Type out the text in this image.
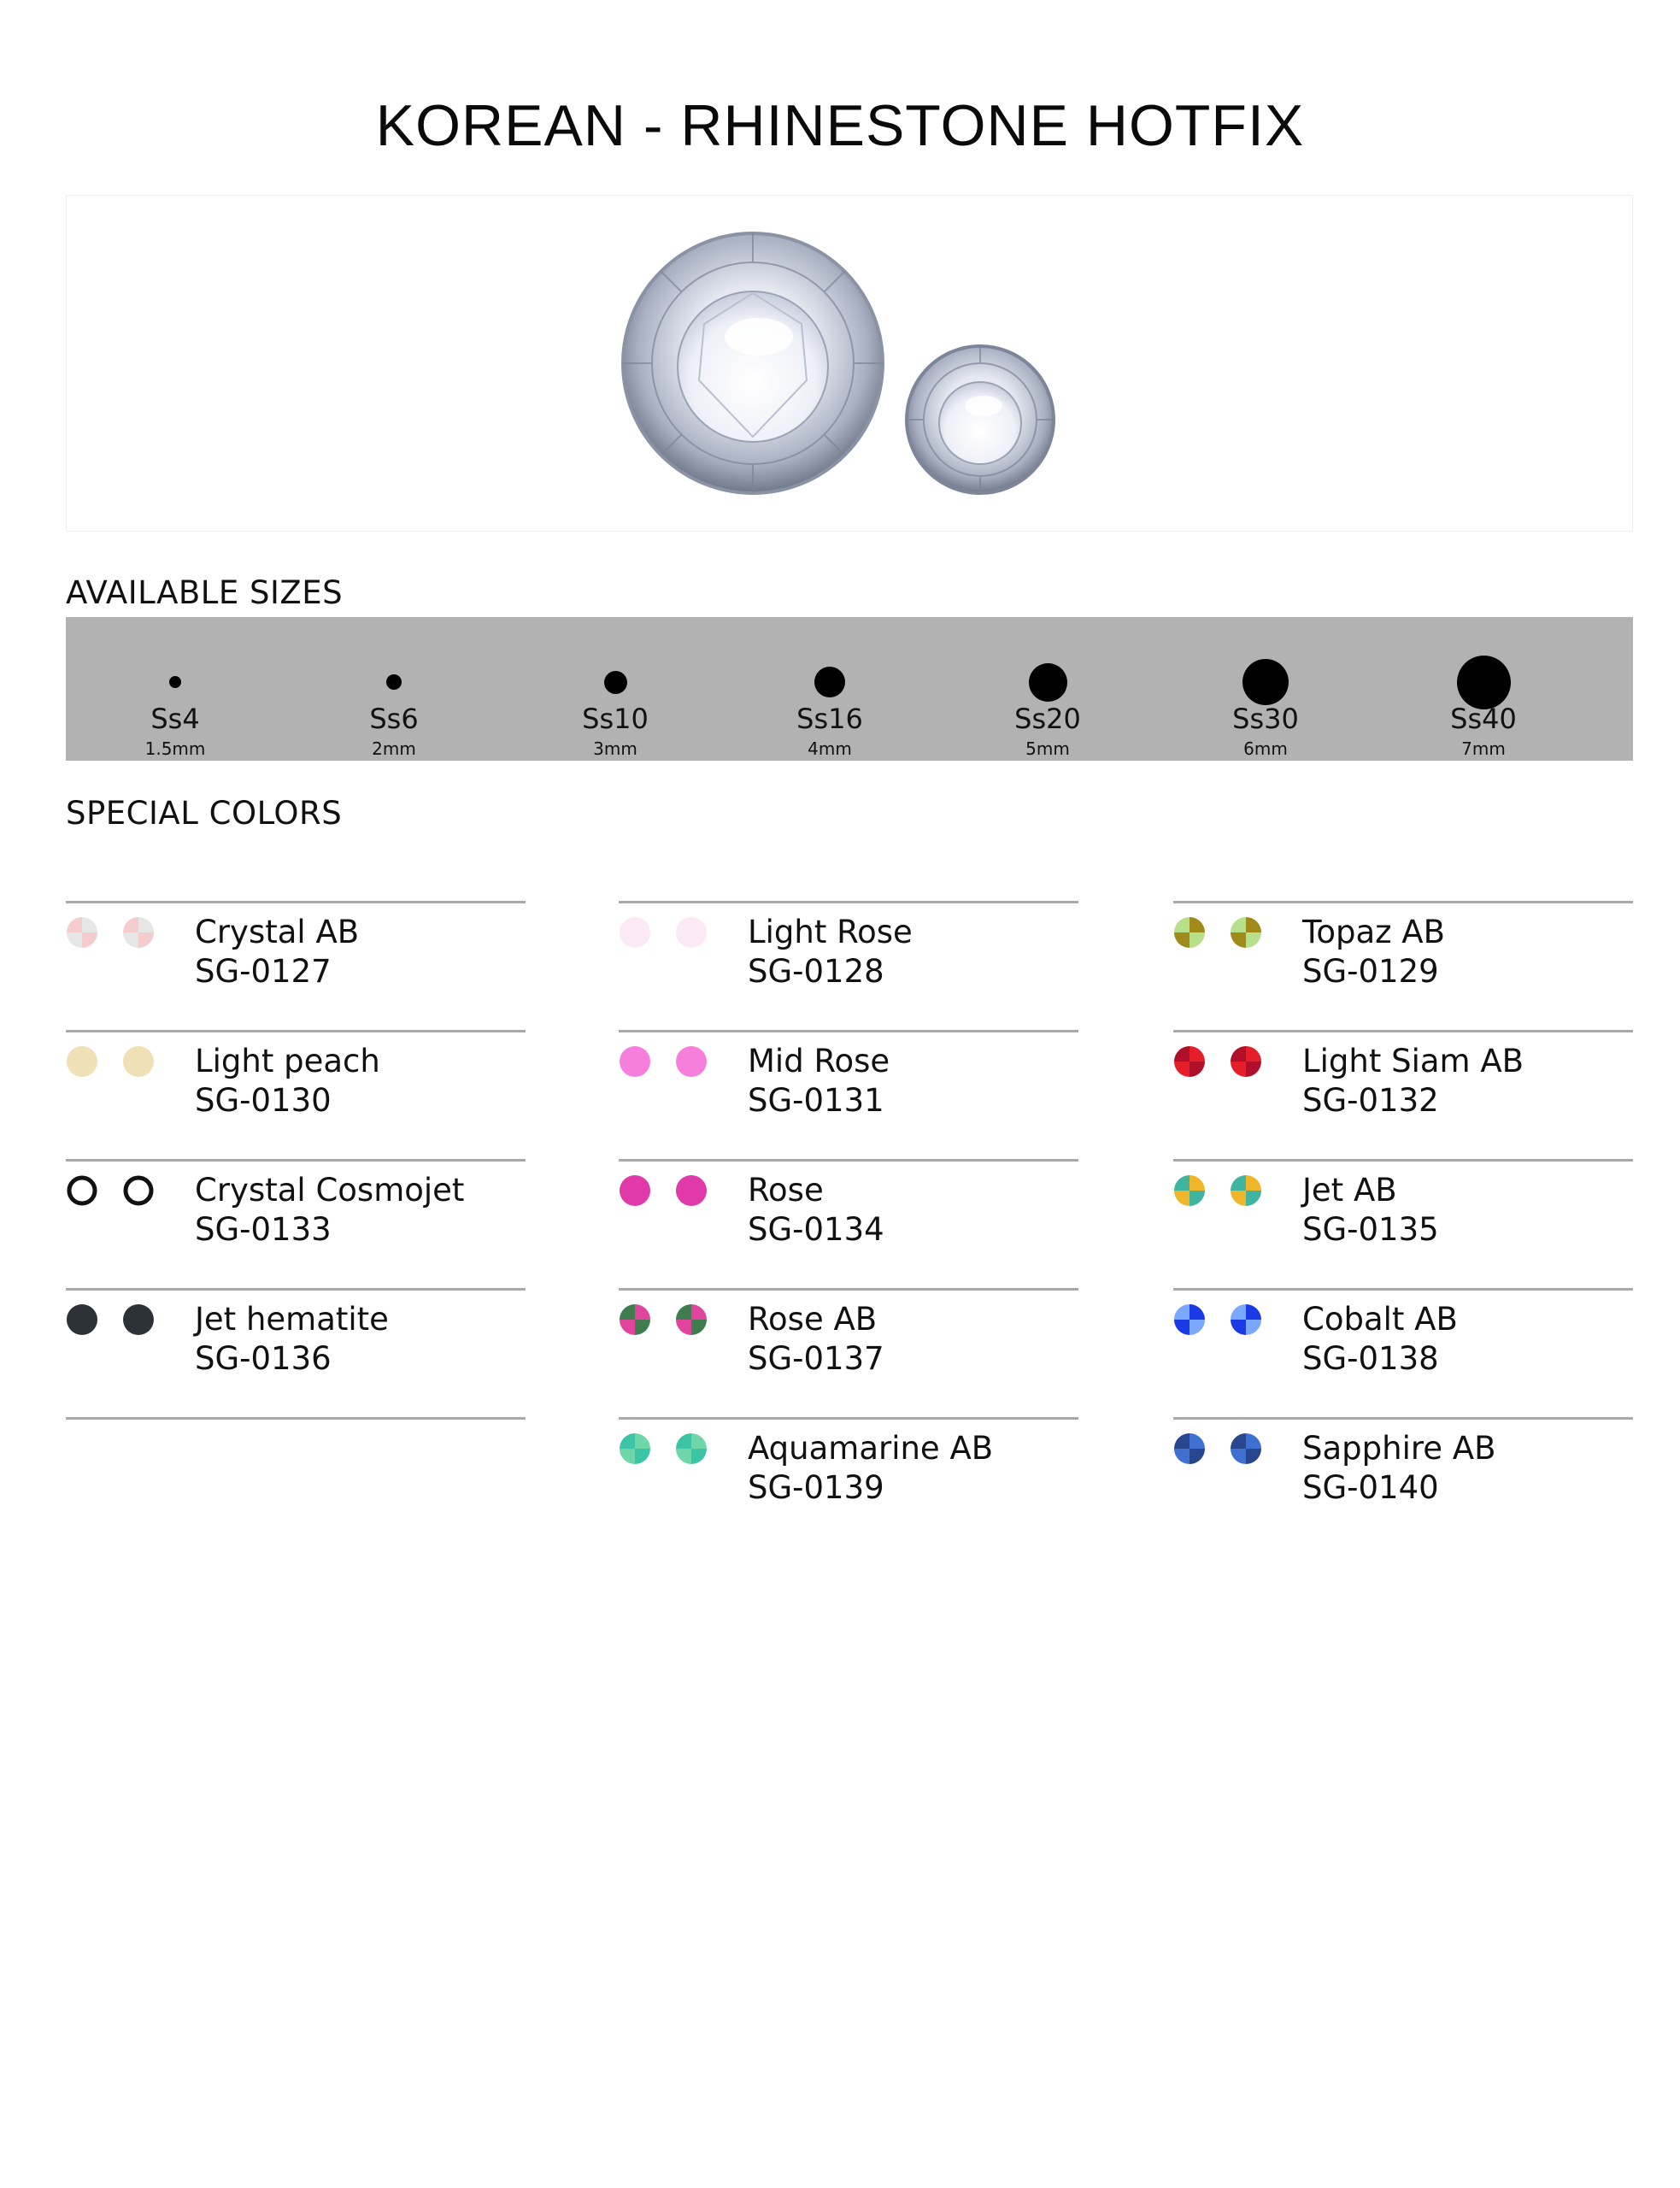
KOREAN - RHINESTONE HOTFIX
AVAILABLE SIZES
Ss4
1.5mm
Ss6
2mm
Ss10
3mm
Ss16
4mm
Ss20
5mm
Ss30
6mm
Ss40
7mm
SPECIAL COLORS
Crystal AB
SG-0127
Light peach
SG-0130
Crystal Cosmojet
SG-0133
Jet hematite
SG-0136
Light Rose
SG-0128
Mid Rose
SG-0131
Rose
SG-0134
Rose AB
SG-0137
Aquamarine AB
SG-0139
Topaz AB
SG-0129
Light Siam AB
SG-0132
Jet AB
SG-0135
Cobalt AB
SG-0138
Sapphire AB
SG-0140
